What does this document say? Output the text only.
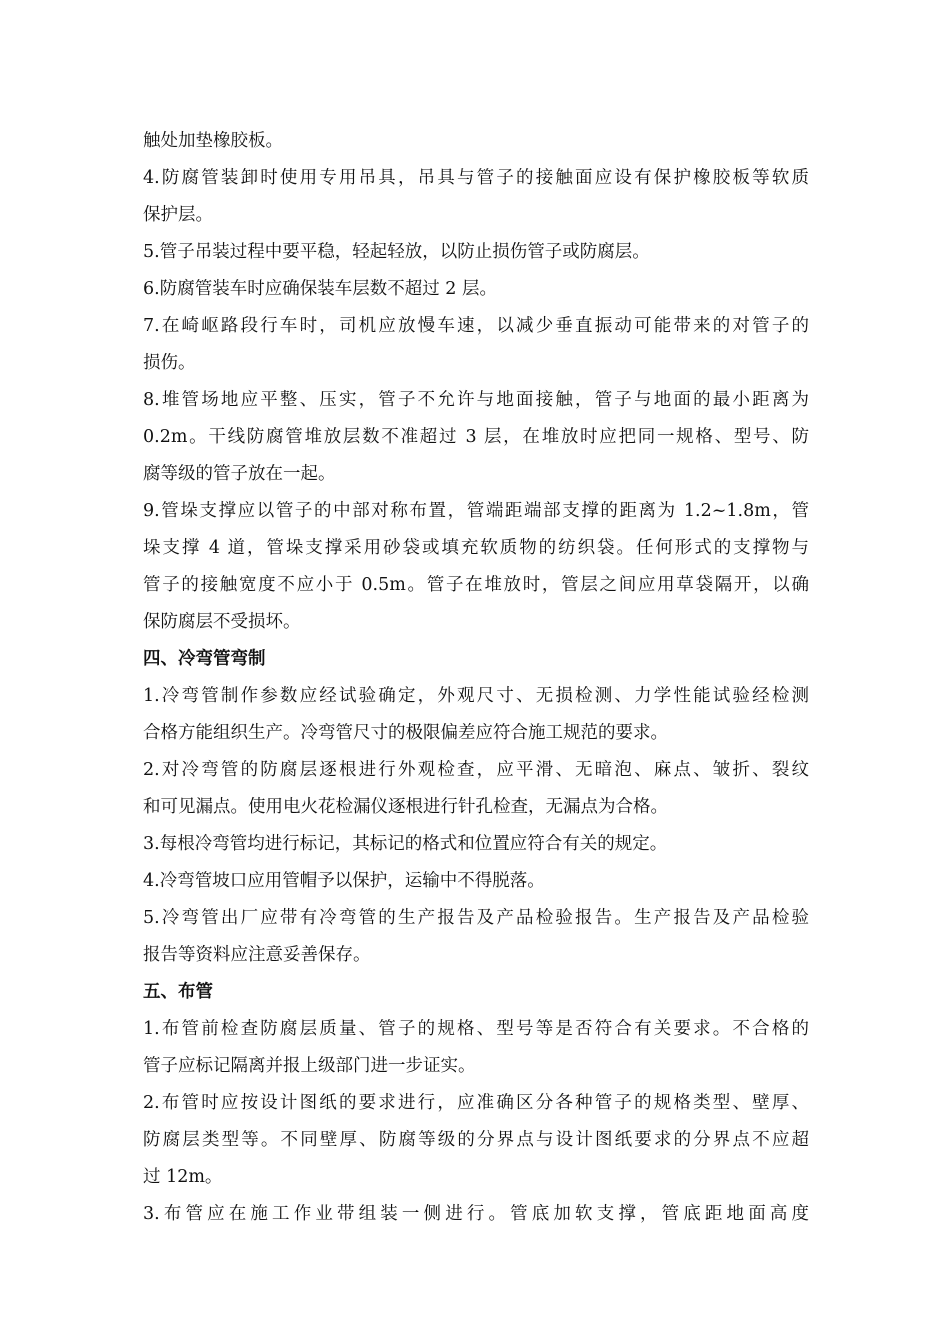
触处加垫橡胶板。
4.防腐管装卸时使用专用吊具，吊具与管子的接触面应设有保护橡胶板等软质
保护层。
5.管子吊装过程中要平稳，轻起轻放，以防止损伤管子或防腐层。
6.防腐管装车时应确保装车层数不超过 2 层。
7.在崎岖路段行车时，司机应放慢车速，以减少垂直振动可能带来的对管子的
损伤。
8.堆管场地应平整、压实，管子不允许与地面接触，管子与地面的最小距离为
0.2m。干线防腐管堆放层数不准超过 3 层，在堆放时应把同一规格、型号、防
腐等级的管子放在一起。
9.管垛支撑应以管子的中部对称布置，管端距端部支撑的距离为 1.2~1.8m，管
垛支撑 4 道，管垛支撑采用砂袋或填充软质物的纺织袋。任何形式的支撑物与
管子的接触宽度不应小于 0.5m。管子在堆放时，管层之间应用草袋隔开，以确
保防腐层不受损坏。
四、冷弯管弯制
1.冷弯管制作参数应经试验确定，外观尺寸、无损检测、力学性能试验经检测
合格方能组织生产。冷弯管尺寸的极限偏差应符合施工规范的要求。
2.对冷弯管的防腐层逐根进行外观检查，应平滑、无暗泡、麻点、皱折、裂纹
和可见漏点。使用电火花检漏仪逐根进行针孔检查，无漏点为合格。
3.每根冷弯管均进行标记，其标记的格式和位置应符合有关的规定。
4.冷弯管坡口应用管帽予以保护，运输中不得脱落。
5.冷弯管出厂应带有冷弯管的生产报告及产品检验报告。生产报告及产品检验
报告等资料应注意妥善保存。
五、布管
1.布管前检查防腐层质量、管子的规格、型号等是否符合有关要求。不合格的
管子应标记隔离并报上级部门进一步证实。
2.布管时应按设计图纸的要求进行，应准确区分各种管子的规格类型、壁厚、
防腐层类型等。不同壁厚、防腐等级的分界点与设计图纸要求的分界点不应超
过 12m。
3.布管应在施工作业带组装一侧进行。管底加软支撑，管底距地面高度
